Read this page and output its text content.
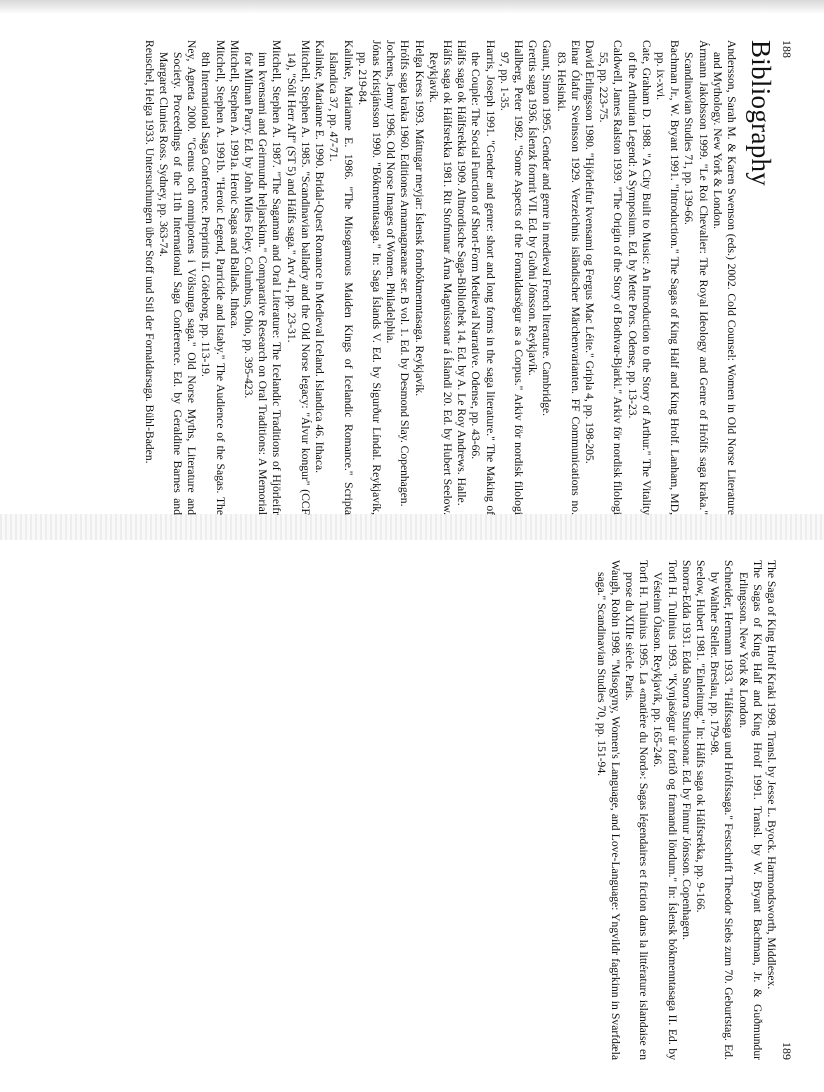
188
Bibliography
Andersson, Sarah M. & Karen Swenson (eds.) 2002. Cold Counsel: Women in Old Norse Literature and Mythology. New York & London.
Ármann Jakobsson 1999. "Le Roi Chevalier: The Royal Ideology and Genre of Hrólfs saga kraka." Scandinavian Studies 71, pp. 139-66.
Bachman Jr., W. Bryant 1991. "Introduction." The Sagas of King Half and King Hrolf. Lanham, MD, pp. ix-xvi.
Cate, Graham D. 1988. "A City Built to Music: An Introduction to the Story of Arthur." The Vitality of the Arthurian Legend: A Symposium. Ed. by Mette Pors. Odense, pp. 13-23.
Caldwell, James Ralston 1939. "The Origin of the Story of Bothvar-Bjarki." Arkiv för nordisk filologi 55, pp. 223-75.
David Erlingsson 1980. "Hjörleifur kvensami og Fergus Mac Léite." Gripla 4, pp. 198-205.
Einar Ólafur Sveinsson 1929. Verzeichnis isländischer Märchenvarianten. FF Communications no. 83. Helsinki.
Gaunt, Simon 1995. Gender and genre in medieval French literature. Cambridge.
Grettis saga 1936. Íslenzk fornrit VII. Ed. by Guðni Jónsson. Reykjavík.
Hallberg, Peter 1982. "Some Aspects of the Fornaldarsögur as a Corpus." Arkiv för nordisk filologi 97, pp. 1-35.
Harris, Joseph 1991. "Gender and genre: short and long forms in the saga literature." The Making of the Couple: The Social Function of Short-Form Medieval Narrative. Odense, pp. 43-66.
Hálfs saga ok Hálfsrekka 1909. Altnordische Saga-Bibliothek 14. Ed. by A. Le Roy Andrews. Halle.
Hálfs saga ok Hálfsrekka 1981. Rit Stofnunar Árna Magnússonar á Íslandi 20. Ed. by Hubert Seelow. Reykjavík.
Helga Kress 1993. Máttugar meyjar: Íslensk fornbókmenntasaga. Reykjavík.
Hrólfs saga kraka 1960. Editiones Arnamagnæanæ ser. B vol. 1. Ed. by Desmond Slay. Copenhagen.
Jochens, Jenny 1996. Old Norse Images of Women. Philadelphia.
Jónas Kristjánsson 1990. "Bókmenntasaga." In: Saga Íslands V. Ed. by Sigurður Líndal. Reykjavík, pp. 219-84.
Kalinke, Marianne E. 1986. "The Misogamous Maiden Kings of Icelandic Romance." Scripta Islandica 37, pp. 47-71.
Kalinke, Marianne E. 1990. Bridal-Quest Romance in Medieval Iceland. Islandica 46. Ithaca.
Mitchell, Stephen A. 1985. "Scandinavian balladry and the Old Norse legacy: "Álvur kongur" (CCF 14), "Sólt Herr Alf" (ST 5) and Hálfs saga." Arv 41, pp. 23-31.
Mitchell, Stephen A. 1987. "The Sagaman and Oral Literature: The Icelandic Traditions of Hjörleifr inn kvensami and Geirmundr heljarskinn." Comparative Research on Oral Traditions: A Memorial for Milman Parry. Ed. by John Miles Foley. Columbus, Ohio, pp. 395-423.
Mitchell, Stephen A. 1991a. Heroic Sagas and Ballads. Ithaca.
Mitchell, Stephen A. 1991b. "Heroic Legend, Parricide and Istaby." The Audience of the Sagas. The 8th International Saga Conference. Preprints II. Göteborg, pp. 113-19.
Ney, Agneta 2000. "Genus och omnipotens i Völsunga saga." Old Norse Myths, Literature and Society. Proceedings of the 11th International Saga Conference. Ed. by Geraldine Barnes and Margaret Clunies Ross. Sydney, pp. 363-74.
Reuschel, Helga 1933. Untersuchungen über Stoff und Stil der Fornaldarsaga. Bühl-Baden.
189
The Saga of King Hrolf Kraki 1998. Transl. by Jesse L. Byock. Harmondsworth, Middlesex.
The Sagas of King Half and King Hrolf 1991. Transl. by W. Bryant Bachman, Jr. & Guðmundur Erlingsson. New York & London.
Schneider, Hermann 1933. "Hálfssaga und Hrólfssaga." Festschrift Theodor Siebs zum 70. Geburtstag. Ed. by Walther Steller. Breslau, pp. 179-98.
Seelow, Hubert 1981. "Einleitung." In: Hálfs saga ok Hálfsrekka, pp. 9-166.
Snorra-Edda 1931. Edda Snorra Sturlusonar. Ed. by Finnur Jónsson. Copenhagen.
Torfi H. Tulinius 1993. "Kynjasögur úr fortíð og framandi löndum." In: Íslensk bókmenntasaga II. Ed. by Vésteinn Ólason. Reykjavík, pp. 165-246.
Torfi H. Tulinius 1995. La «matière du Nord»: Sagas légendaires et fiction dans la littérature islandaise en prose du XIIIe siècle. Paris.
Waugh, Robin 1998. "Misogyny, Women's Language, and Love-Language: Yngvildr fagrkinn in Svarfdæla saga." Scandinavian Studies 70, pp. 151-94.
